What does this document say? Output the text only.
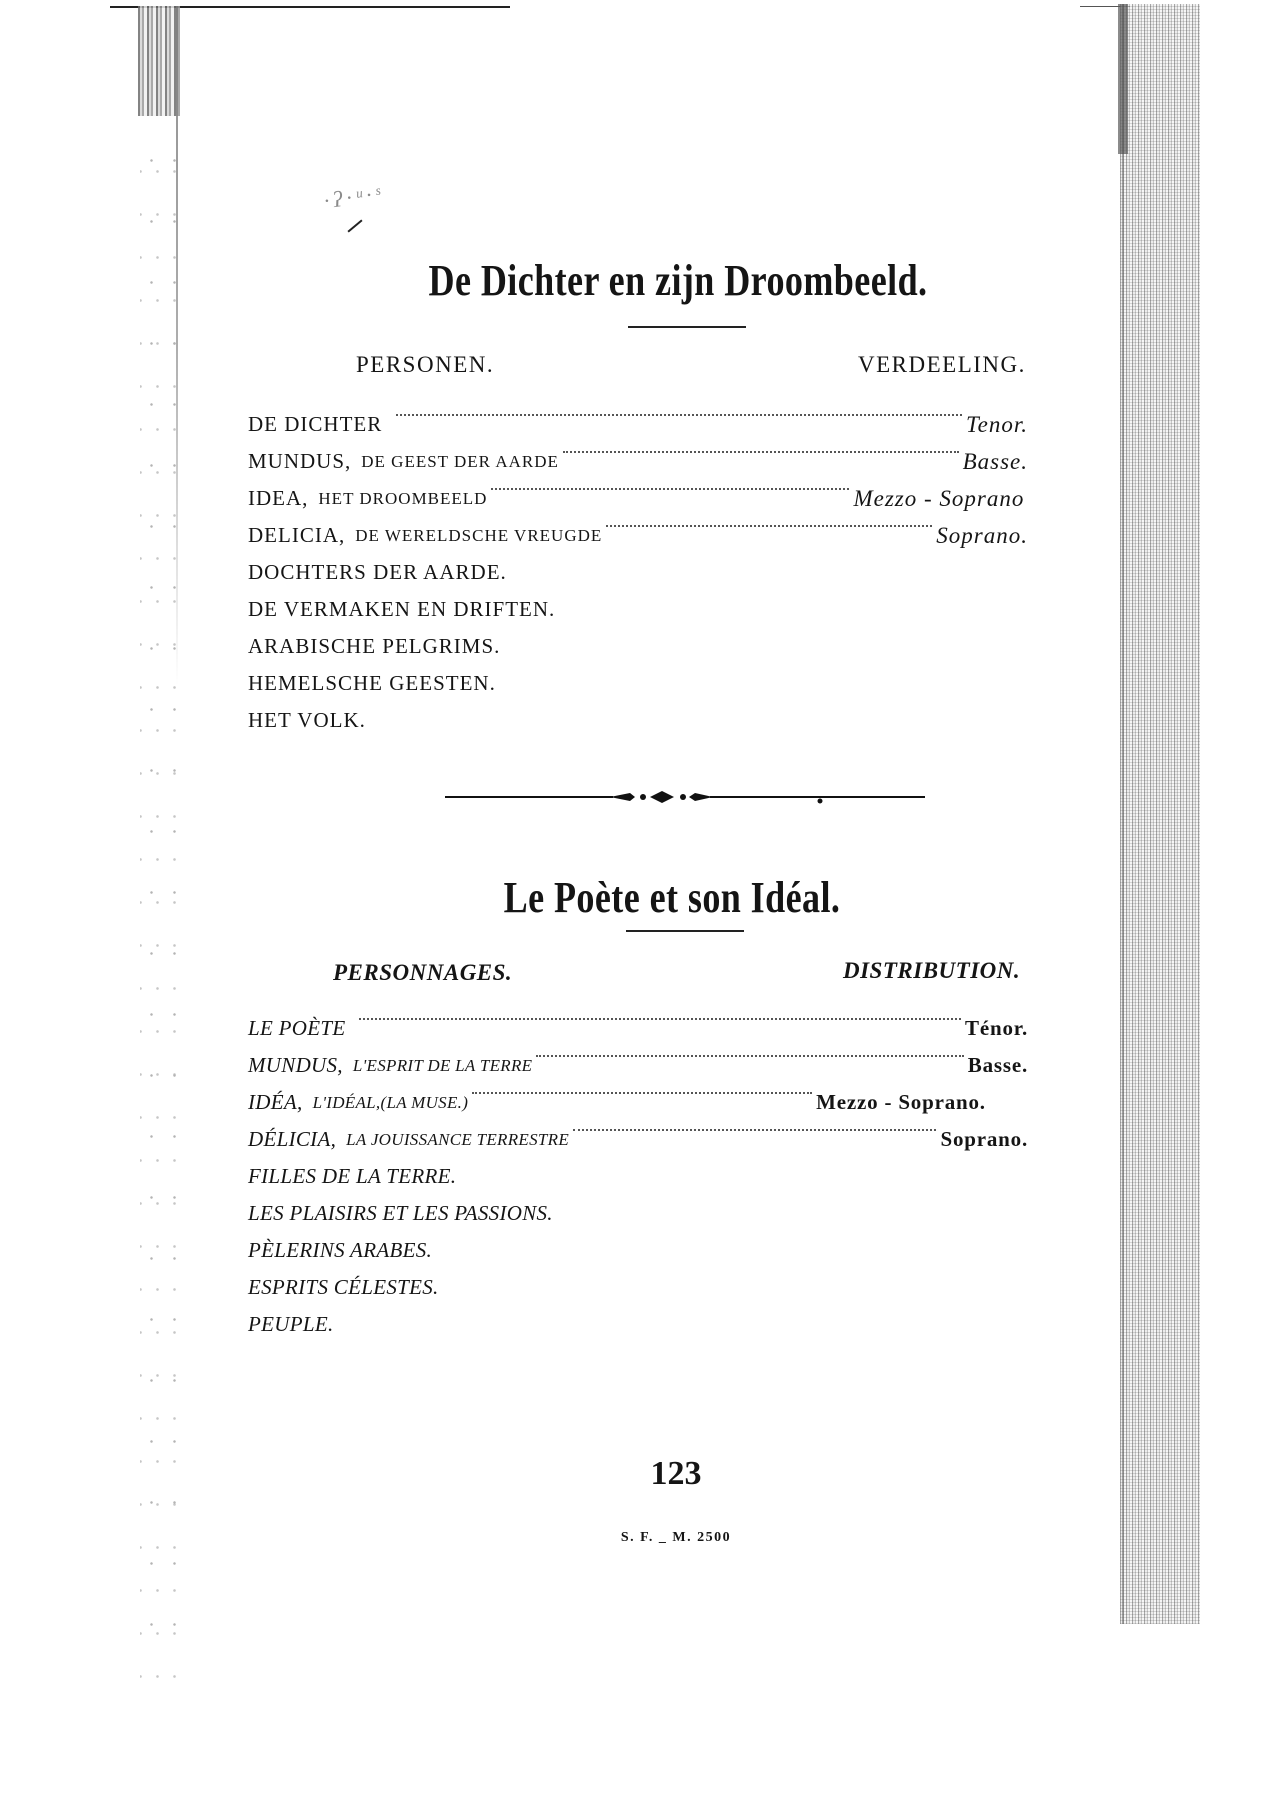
·ʔ·ᵘ·ˢ
De Dichter en zijn Droombeeld.
PERSONEN.	VERDEELING.
DE DICHTER	Tenor.
MUNDUS, DE GEEST DER AARDE	Basse.
IDEA, HET DROOMBEELD	Mezzo - Soprano
DELICIA, DE WERELDSCHE VREUGDE	Soprano.
DOCHTERS DER AARDE.
DE VERMAKEN EN DRIFTEN.
ARABISCHE PELGRIMS.
HEMELSCHE GEESTEN.
HET VOLK.
Le Poète et son Idéal.
PERSONNAGES.	DISTRIBUTION.
LE POÈTE	Ténor.
MUNDUS, L'ESPRIT DE LA TERRE	Basse.
IDÉA, L'IDÉAL,(LA MUSE.)	Mezzo - Soprano.
DÉLICIA, LA JOUISSANCE TERRESTRE	Soprano.
FILLES DE LA TERRE.
LES PLAISIRS ET LES PASSIONS.
PÈLERINS ARABES.
ESPRITS CÉLESTES.
PEUPLE.
123
S. F. _ M. 2500
